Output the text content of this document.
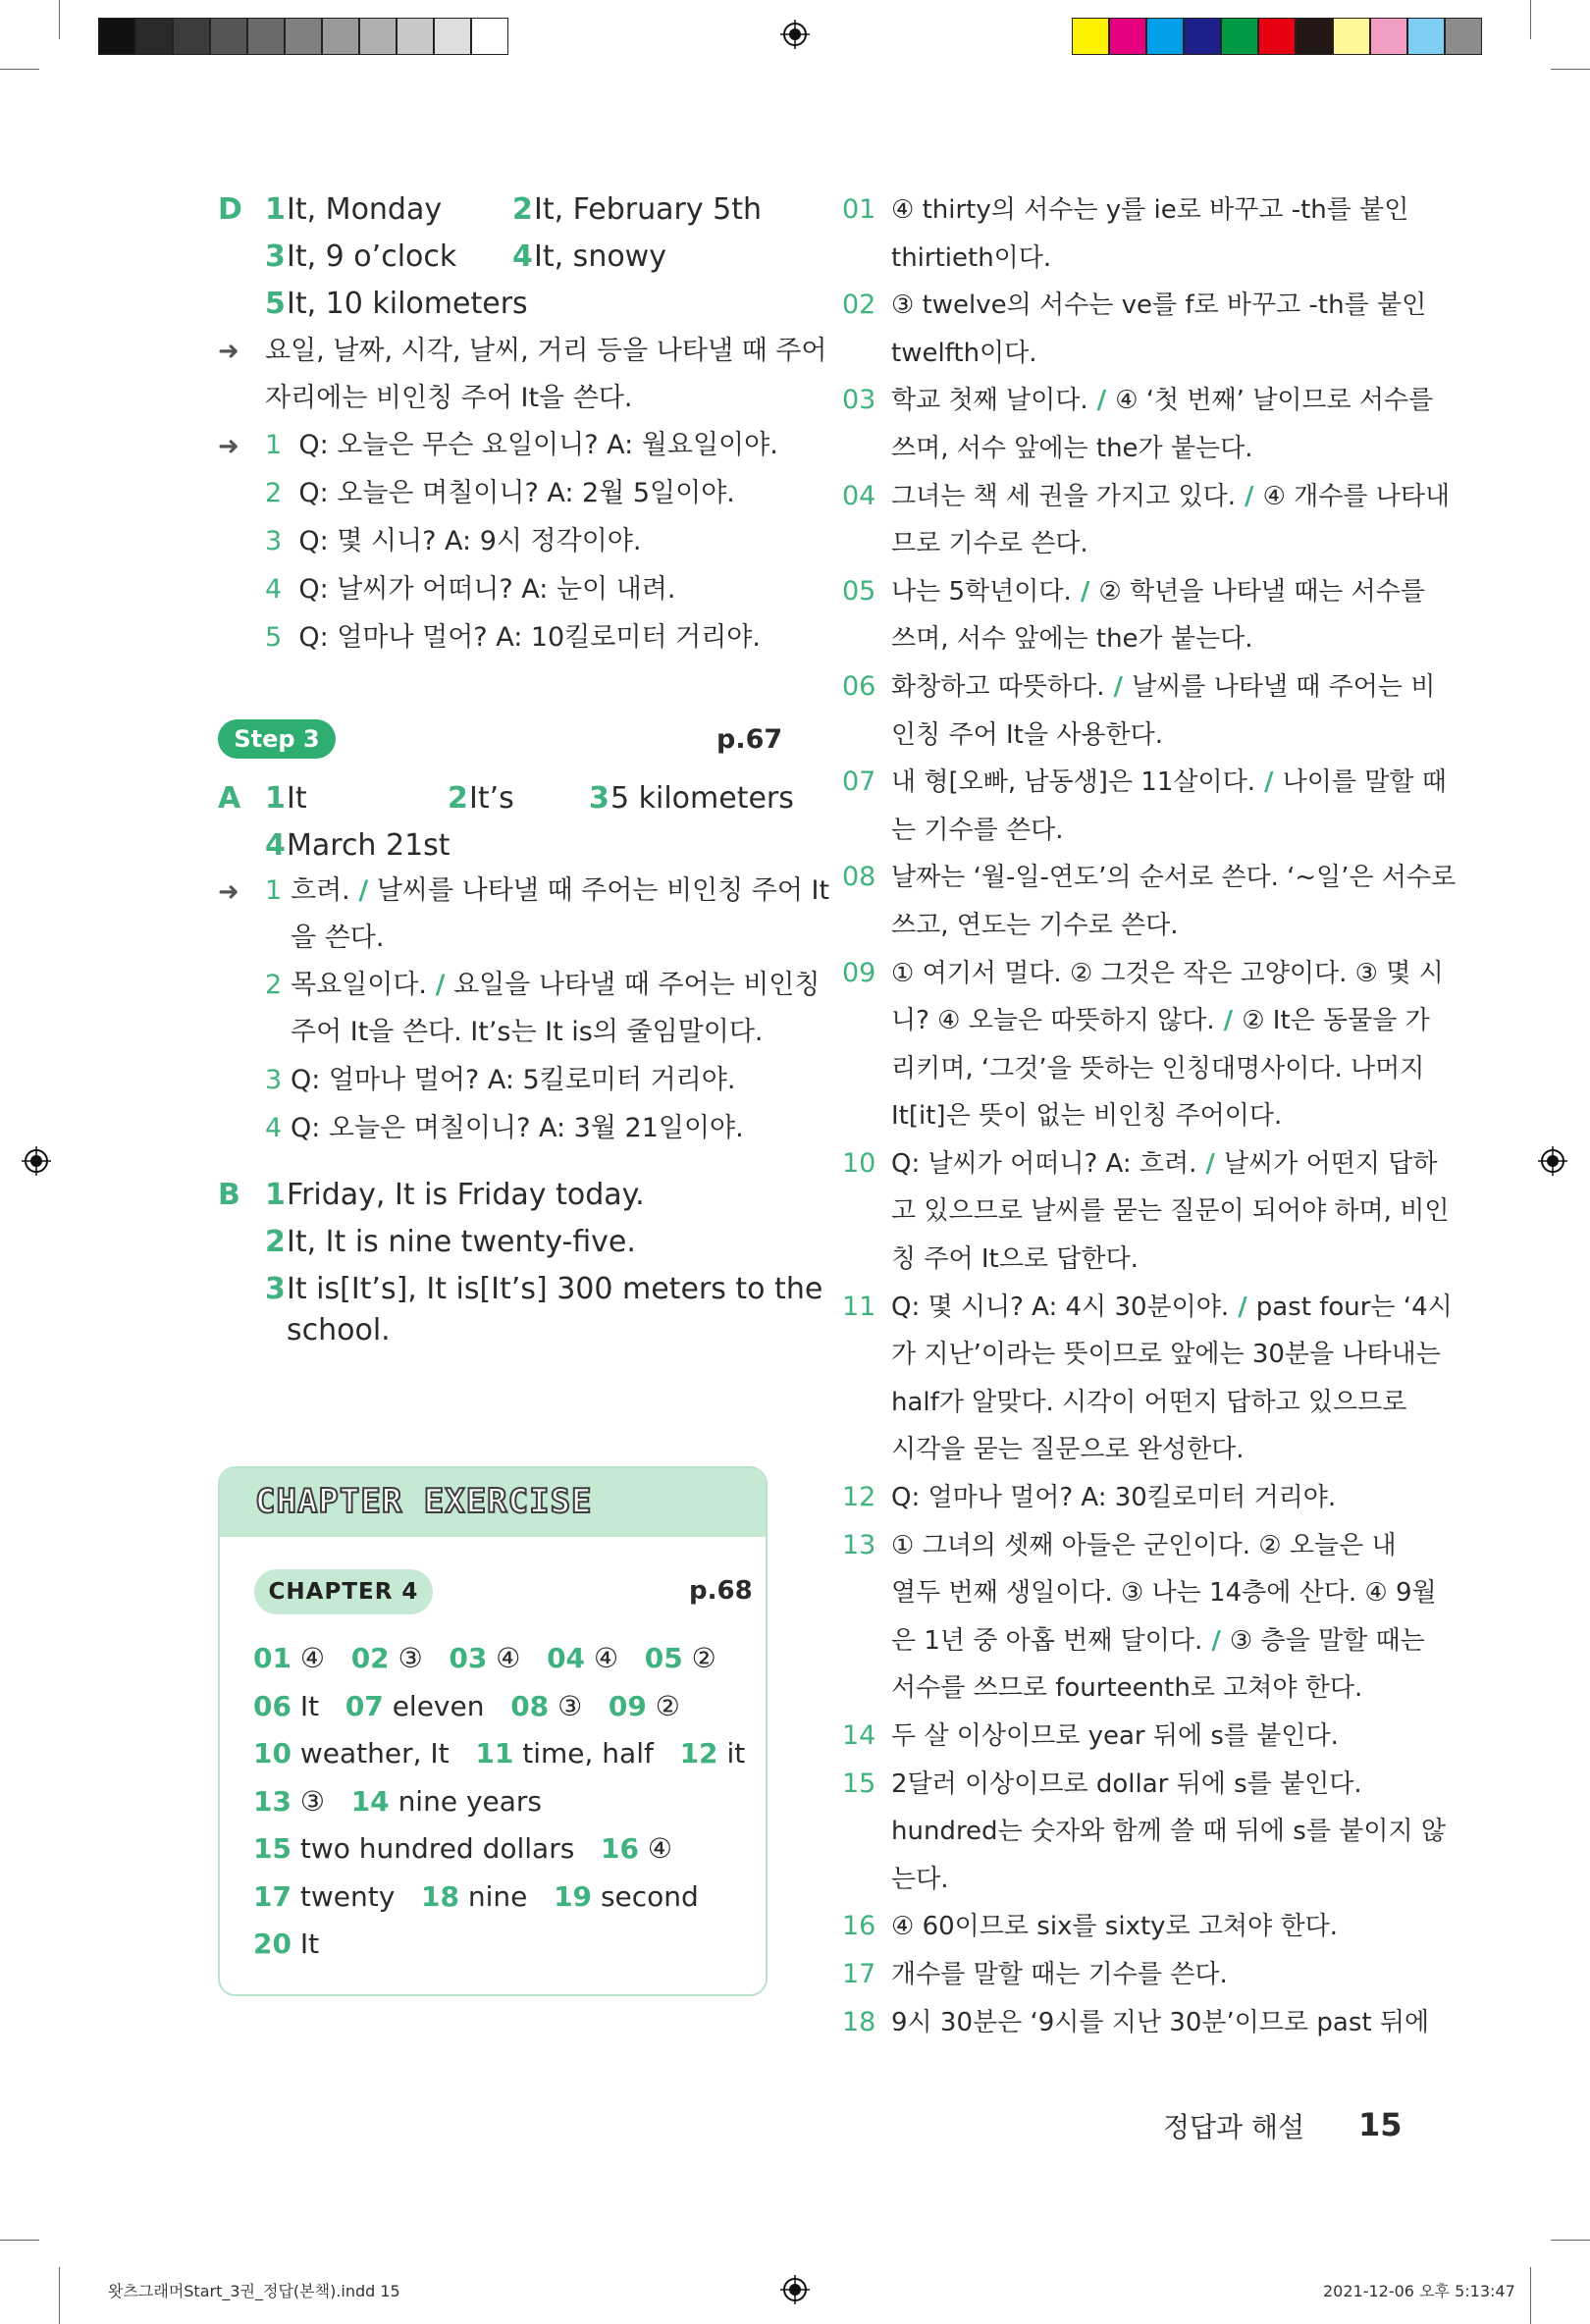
D 1 It, Monday 2 It, February 5th
3 It, 9 o’clock 4 It, snowy
5 It, 10 kilometers
➜ 요일, 날짜, 시각, 날씨, 거리 등을 나타낼 때 주어
자리에는 비인칭 주어 It을 쓴다.
➜ 1 Q: 오늘은 무슨 요일이니? A: 월요일이야.
2 Q: 오늘은 며칠이니? A: 2월 5일이야.
3 Q: 몇 시니? A: 9시 정각이야.
4 Q: 날씨가 어떠니? A: 눈이 내려.
5 Q: 얼마나 멀어? A: 10킬로미터 거리야.
Step 3	p.67
A 1 It	2 It’s	3 5 kilometers
4 March 21st
➜ 1 흐려. / 날씨를 나타낼 때 주어는 비인칭 주어 It
을 쓴다.
2 목요일이다. / 요일을 나타낼 때 주어는 비인칭
주어 It을 쓴다. It’s는 It is의 줄임말이다.
3 Q: 얼마나 멀어? A: 5킬로미터 거리야.
4 Q: 오늘은 며칠이니? A: 3월 21일이야.
B 1 Friday, It is Friday today.
2 It, It is nine twenty-five.
3 It is[It’s], It is[It’s] 300 meters to the
school.
CHAPTER EXERCISE
CHAPTER 4	p.68
01 ④ 02 ③ 03 ④ 04 ④ 05 ②
06 It 07 eleven 08 ③ 09 ②
10 weather, It 11 time, half 12 it
13 ③ 14 nine years
15 two hundred dollars 16 ④
17 twenty 18 nine 19 second
20 It
01 ④ thirty의 서수는 y를 ie로 바꾸고 -th를 붙인
thirtieth이다.
02 ③ twelve의 서수는 ve를 f로 바꾸고 -th를 붙인
twelfth이다.
03 학교 첫째 날이다. / ④ ‘첫 번째’ 날이므로 서수를
쓰며, 서수 앞에는 the가 붙는다.
04 그녀는 책 세 권을 가지고 있다. / ④ 개수를 나타내
므로 기수로 쓴다.
05 나는 5학년이다. / ② 학년을 나타낼 때는 서수를
쓰며, 서수 앞에는 the가 붙는다.
06 화창하고 따뜻하다. / 날씨를 나타낼 때 주어는 비
인칭 주어 It을 사용한다.
07 내 형[오빠, 남동생]은 11살이다. / 나이를 말할 때
는 기수를 쓴다.
08 날짜는 ‘월-일-연도’의 순서로 쓴다. ‘~일’은 서수로
쓰고, 연도는 기수로 쓴다.
09 ① 여기서 멀다. ② 그것은 작은 고양이다. ③ 몇 시
니? ④ 오늘은 따뜻하지 않다. / ② It은 동물을 가
리키며, ‘그것’을 뜻하는 인칭대명사이다. 나머지
It[it]은 뜻이 없는 비인칭 주어이다.
10 Q: 날씨가 어떠니? A: 흐려. / 날씨가 어떤지 답하
고 있으므로 날씨를 묻는 질문이 되어야 하며, 비인
칭 주어 It으로 답한다.
11 Q: 몇 시니? A: 4시 30분이야. / past four는 ‘4시
가 지난’이라는 뜻이므로 앞에는 30분을 나타내는
half가 알맞다. 시각이 어떤지 답하고 있으므로
시각을 묻는 질문으로 완성한다.
12 Q: 얼마나 멀어? A: 30킬로미터 거리야.
13 ① 그녀의 셋째 아들은 군인이다. ② 오늘은 내
열두 번째 생일이다. ③ 나는 14층에 산다. ④ 9월
은 1년 중 아홉 번째 달이다. / ③ 층을 말할 때는
서수를 쓰므로 fourteenth로 고쳐야 한다.
14 두 살 이상이므로 year 뒤에 s를 붙인다.
15 2달러 이상이므로 dollar 뒤에 s를 붙인다.
hundred는 숫자와 함께 쓸 때 뒤에 s를 붙이지 않
는다.
16 ④ 60이므로 six를 sixty로 고쳐야 한다.
17 개수를 말할 때는 기수를 쓴다.
18 9시 30분은 ‘9시를 지난 30분’이므로 past 뒤에
정답과 해설 15
왓츠그래머Start_3권_정답(본책).indd 15	2021-12-06 오후 5:13:47
